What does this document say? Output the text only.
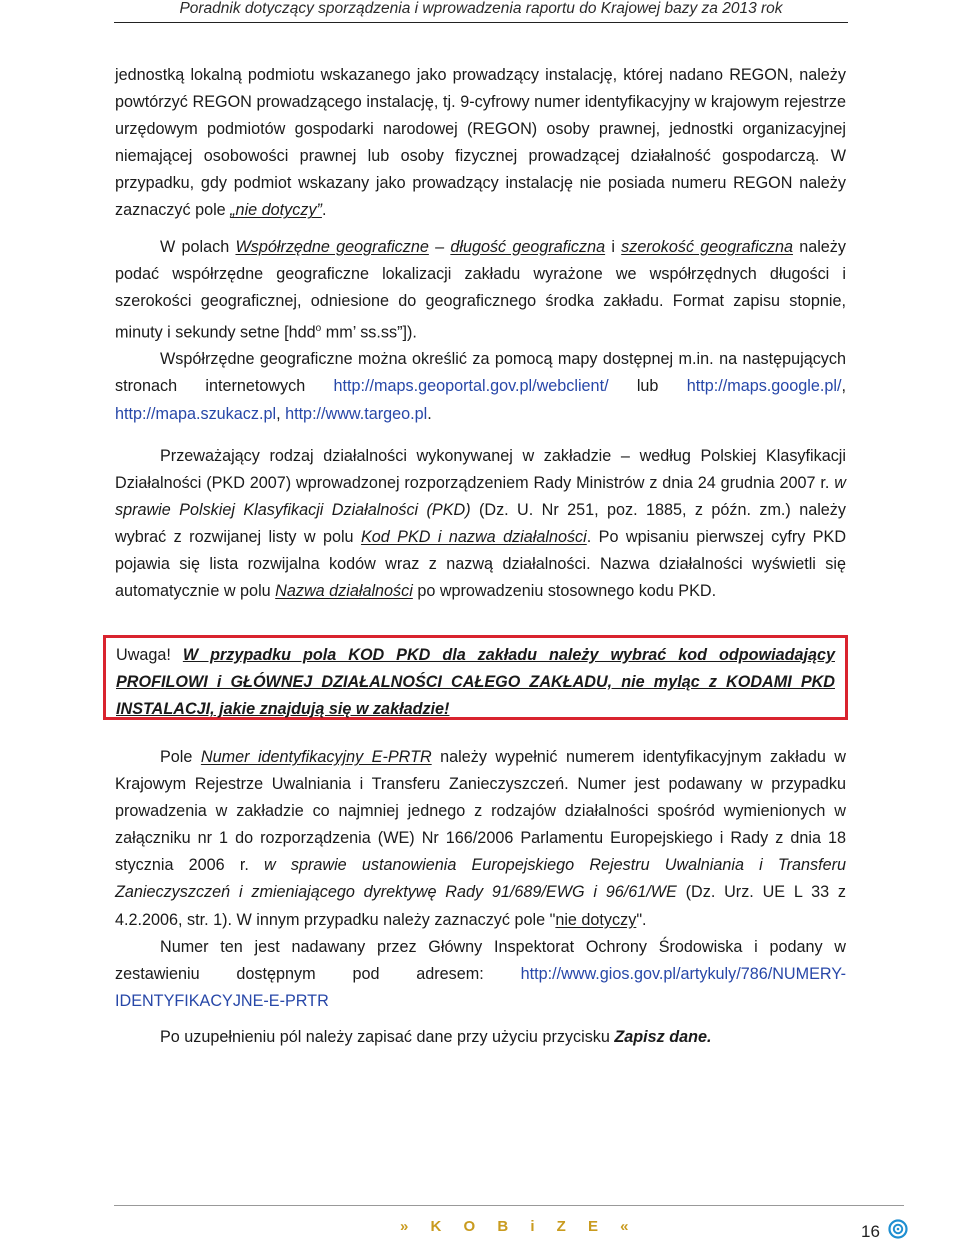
Poradnik dotyczący sporządzenia i wprowadzenia raportu do Krajowej bazy za 2013 rok

jednostką lokalną podmiotu wskazanego jako prowadzący instalację, której nadano REGON, należy powtórzyć REGON prowadzącego instalację, tj. 9-cyfrowy numer identyfikacyjny w krajowym rejestrze urzędowym podmiotów gospodarki narodowej (REGON) osoby prawnej, jednostki organizacyjnej niemającej osobowości prawnej lub osoby fizycznej prowadzącej działalność gospodarczą. W przypadku, gdy podmiot wskazany jako prowadzący instalację nie posiada numeru REGON należy zaznaczyć pole „nie dotyczy”.

W polach Współrzędne geograficzne – długość geograficzna i szerokość geograficzna należy podać współrzędne geograficzne lokalizacji zakładu wyrażone we współrzędnych długości i szerokości geograficznej, odniesione do geograficznego środka zakładu. Format zapisu stopnie, minuty i sekundy setne [hdd$^o$ mm’ ss.ss”]).

Współrzędne geograficzne można określić za pomocą mapy dostępnej m.in. na następujących stronach internetowych http://maps.geoportal.gov.pl/webclient/ lub http://maps.google.pl/, http://mapa.szukacz.pl, http://www.targeo.pl.

Przeważający rodzaj działalności wykonywanej w zakładzie – według Polskiej Klasyfikacji Działalności (PKD 2007) wprowadzonej rozporządzeniem Rady Ministrów z dnia 24 grudnia 2007 r. w sprawie Polskiej Klasyfikacji Działalności (PKD) (Dz. U. Nr 251, poz. 1885, z późn. zm.) należy wybrać z rozwijanej listy w polu Kod PKD i nazwa działalności. Po wpisaniu pierwszej cyfry PKD pojawia się lista rozwijalna kodów wraz z nazwą działalności. Nazwa działalności wyświetli się automatycznie w polu Nazwa działalności po wprowadzeniu stosownego kodu PKD.

Uwaga! W przypadku pola KOD PKD dla zakładu należy wybrać kod odpowiadający PROFILOWI i GŁÓWNEJ DZIAŁALNOŚCI CAŁEGO ZAKŁADU, nie myląc z KODAMI PKD INSTALACJI, jakie znajdują się w zakładzie!

Pole Numer identyfikacyjny E-PRTR należy wypełnić numerem identyfikacyjnym zakładu w Krajowym Rejestrze Uwalniania i Transferu Zanieczyszczeń. Numer jest podawany w przypadku prowadzenia w zakładzie co najmniej jednego z rodzajów działalności spośród wymienionych w załączniku nr 1 do rozporządzenia (WE) Nr 166/2006 Parlamentu Europejskiego i Rady z dnia 18 stycznia 2006 r. w sprawie ustanowienia Europejskiego Rejestru Uwalniania i Transferu Zanieczyszczeń i zmieniającego dyrektywę Rady 91/689/EWG i 96/61/WE (Dz. Urz. UE L 33 z 4.2.2006, str. 1). W innym przypadku należy zaznaczyć pole "nie dotyczy".

Numer ten jest nadawany przez Główny Inspektorat Ochrony Środowiska i podany w zestawieniu dostępnym pod adresem: http://www.gios.gov.pl/artykuly/786/NUMERY-IDENTYFIKACYJNE-E-PRTR

Po uzupełnieniu pól należy zapisać dane przy użyciu przycisku Zapisz dane.

» K O B i Z E «	16
